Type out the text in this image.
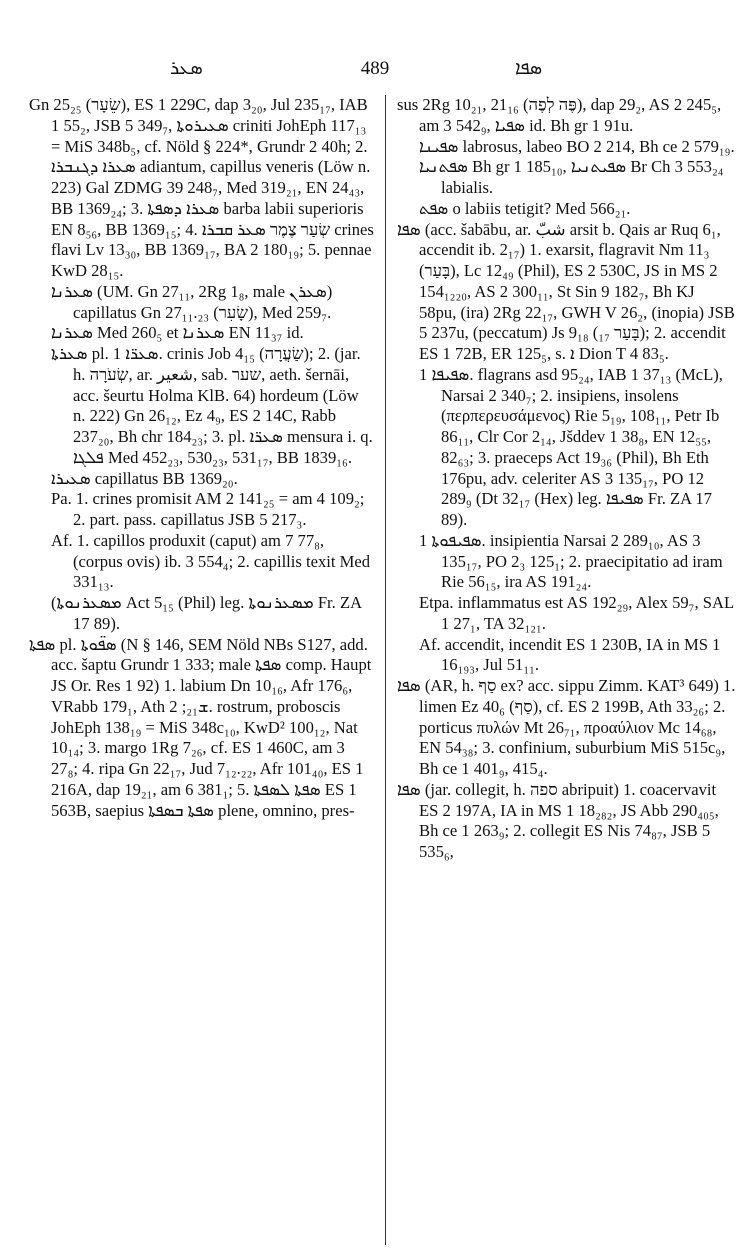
489
ܣܥܪ	ܣܦܐ

Gn 25₂₅ (שֵׂעָר), ES 1 229C, dap 3₂₀, Jul 235₁₇, IAB 1 55₂, JSB 5 349₇, ܣܥܝܪܘܬܐ criniti JohEph 117₁₃ = MiS 348b₅, cf. Nöld § 224*, Grundr 2 40h; 2. ܣܥܪܐ ܕܓܢܒܪܐ adiantum, capillus veneris (Löw n. 223) Gal ZDMG 39 248₇, Med 319₂₁, EN 24₄₃, BB 1369₂₄; 3. ܣܥܪܐ ܕܣܦܬܐ barba labii superioris EN 8₅₆, BB 1369₁₅; 4. שְׂעַר צֶמֶר ܣܥܪ ܩܒܪܐ crines flavi Lv 13₃₀, BB 1369₁₇, BA 2 180₁₉; 5. pennae KwD 28₁₅.

ܣܥܪܢܐ (UM. Gn 27₁₁, 2Rg 1₈, male ܣܥܪܢ) capillatus Gn 27₁₁.₂₃ (שָׂעִר), Med 259₇.

ܣܥܪܢܐ Med 260₅ et ܣܥܪܢܐ EN 11₃₇ id.

ܣܥܪܬܐ pl. ܣܥܪ̈ܐ 1. crinis Job 4₁₅ (שַׂעֲרָה); 2. (jar. h. שְׂעֹרָה, ar. شعير, sab. שער, aeth. šernāi, acc. šeurtu Holma KlB. 64) hordeum (Löw n. 222) Gn 26₁₂, Ez 4₉, ES 2 14C, Rabb 237₂₀, Bh chr 184₂₃; 3. pl. ܣܥܪ̈ܐ mensura i. q. ܦܠܓܐ Med 452₂₃, 530₂₃, 531₁₇, BB 1839₁₆.

ܣܥܝܪܐ capillatus BB 1369₂₀.

Pa. 1. crines promisit AM 2 141₂₅ = am 4 109₂; 2. part. pass. capillatus JSB 5 217₃.

Af. 1. capillos produxit (caput) am 7 77₈, (corpus ovis) ib. 3 554₄; 2. capillis texit Med 331₁₃.

(ܡܣܥܪܢܘܬܐ Act 5₁₅ (Phil) leg. ܡܣܥܪܢܘܬܐ Fr. ZA 17 89).

ܣܦܬܐ pl. ܣܦ̈ܘܬܐ (N § 146, SEM Nöld NBs S127, add. acc. šaptu Grundr 1 333; male ܣܦܬܐ comp. Haupt JS Or. Res 1 92) 1. labium Dn 10₁₆, Afr 176₆, VRabb 179₁, Ath ܫ₂₁; 2. rostrum, proboscis JohEph 138₁₉ = MiS 348c₁₀, KwD² 100₁₂, Nat 10₁₄; 3. margo 1Rg 7₂₆, cf. ES 1 460C, am 3 27₈; 4. ripa Gn 22₁₇, Jud 7₁₂.₂₂, Afr 101₄₀, ES 1 216A, dap 19₂₁, am 6 381₁; 5. ܣܦܬܐ ܠܣܦܬܐ ES 1 563B, saepius ܣܦܬܐ ܒܣܦܬܐ plene, omnino, pres-

sus 2Rg 10₂₁, 21₁₆ (פֶּה לְפֶה), dap 29₂, AS 2 245₅, am 3 542₉, ܣܦܝܐ id. Bh gr 1 91u.

ܣܦܝܢܐ labrosus, labeo BO 2 214, Bh ce 2 579₁₉.

ܣܦܬܢܝܐ Bh gr 1 185₁₀, ܣܦܝܬܢܝܐ Br Ch 3 553₂₄ labialis.

ܣܦܬ o labiis tetigit? Med 566₂₁.

ܣܦܐ (acc. šabābu, ar. شبّ arsit b. Qais ar Ruq 6₁, accendit ib. 2₁₇) 1. exarsit, flagravit Nm 11₃ (בָּעַר), Lc 12₄₉ (Phil), ES 2 530C, JS in MS 2 154₁₂₂₀, AS 2 300₁₁, St Sin 9 182₇, Bh KJ 58pu, (ira) 2Rg 22₁₇, GWH V 26₂, (inopia) JSB 5 237u, (peccatum) Js 9₁₈ (₁₇ בָּעַר); 2. accendit ES 1 72B, ER 125₅, s. ܐ Dion T 4 83₅.

ܣܦܝܦܐ 1. flagrans asd 95₂₄, IAB 1 37₁₃ (McL), Narsai 2 340₇; 2. insipiens, insolens (περπερευσάμενος) Rie 5₁₉, 108₁₁, Petr Ib 86₁₁, Clr Cor 2₁₄, Jšddev 1 38₈, EN 12₅₅, 82₆₃; 3. praeceps Act 19₃₆ (Phil), Bh Eth 176pu, adv. celeriter AS 3 135₁₇, PO 12 289₉ (Dt 32₁₇ (Hex) leg. ܣܦܝܦܐ Fr. ZA 17 89).

ܣܦܝܦܘܬܐ 1. insipientia Narsai 2 289₁₀, AS 3 135₁₇, PO 2₃ 125₁; 2. praecipitatio ad iram Rie 56₁₅, ira AS 191₂₄.

Etpa. inflammatus est AS 192₂₉, Alex 59₇, SAL 1 27₁, TA 32₁₂₁.

Af. accendit, incendit ES 1 230B, IA in MS 1 16₁₉₃, Jul 51₁₁.

ܣܦܐ (AR, h. סַף ex? acc. sippu Zimm. KAT³ 649) 1. limen Ez 40₆ (סַף), cf. ES 2 199B, Ath 33₂₆; 2. porticus πυλών Mt 26₇₁, προαύλιον Mc 14₆₈, EN 54₃₈; 3. confinium, suburbium MiS 515c₉, Bh ce 1 401₉, 415₄.

ܣܦܐ (jar. collegit, h. ספה abripuit) 1. coacervavit ES 2 197A, IA in MS 1 18₂₈₂, JS Abb 290₄₀₅, Bh ce 1 263₉; 2. collegit ES Nis 74₈₇, JSB 5 535₆,
